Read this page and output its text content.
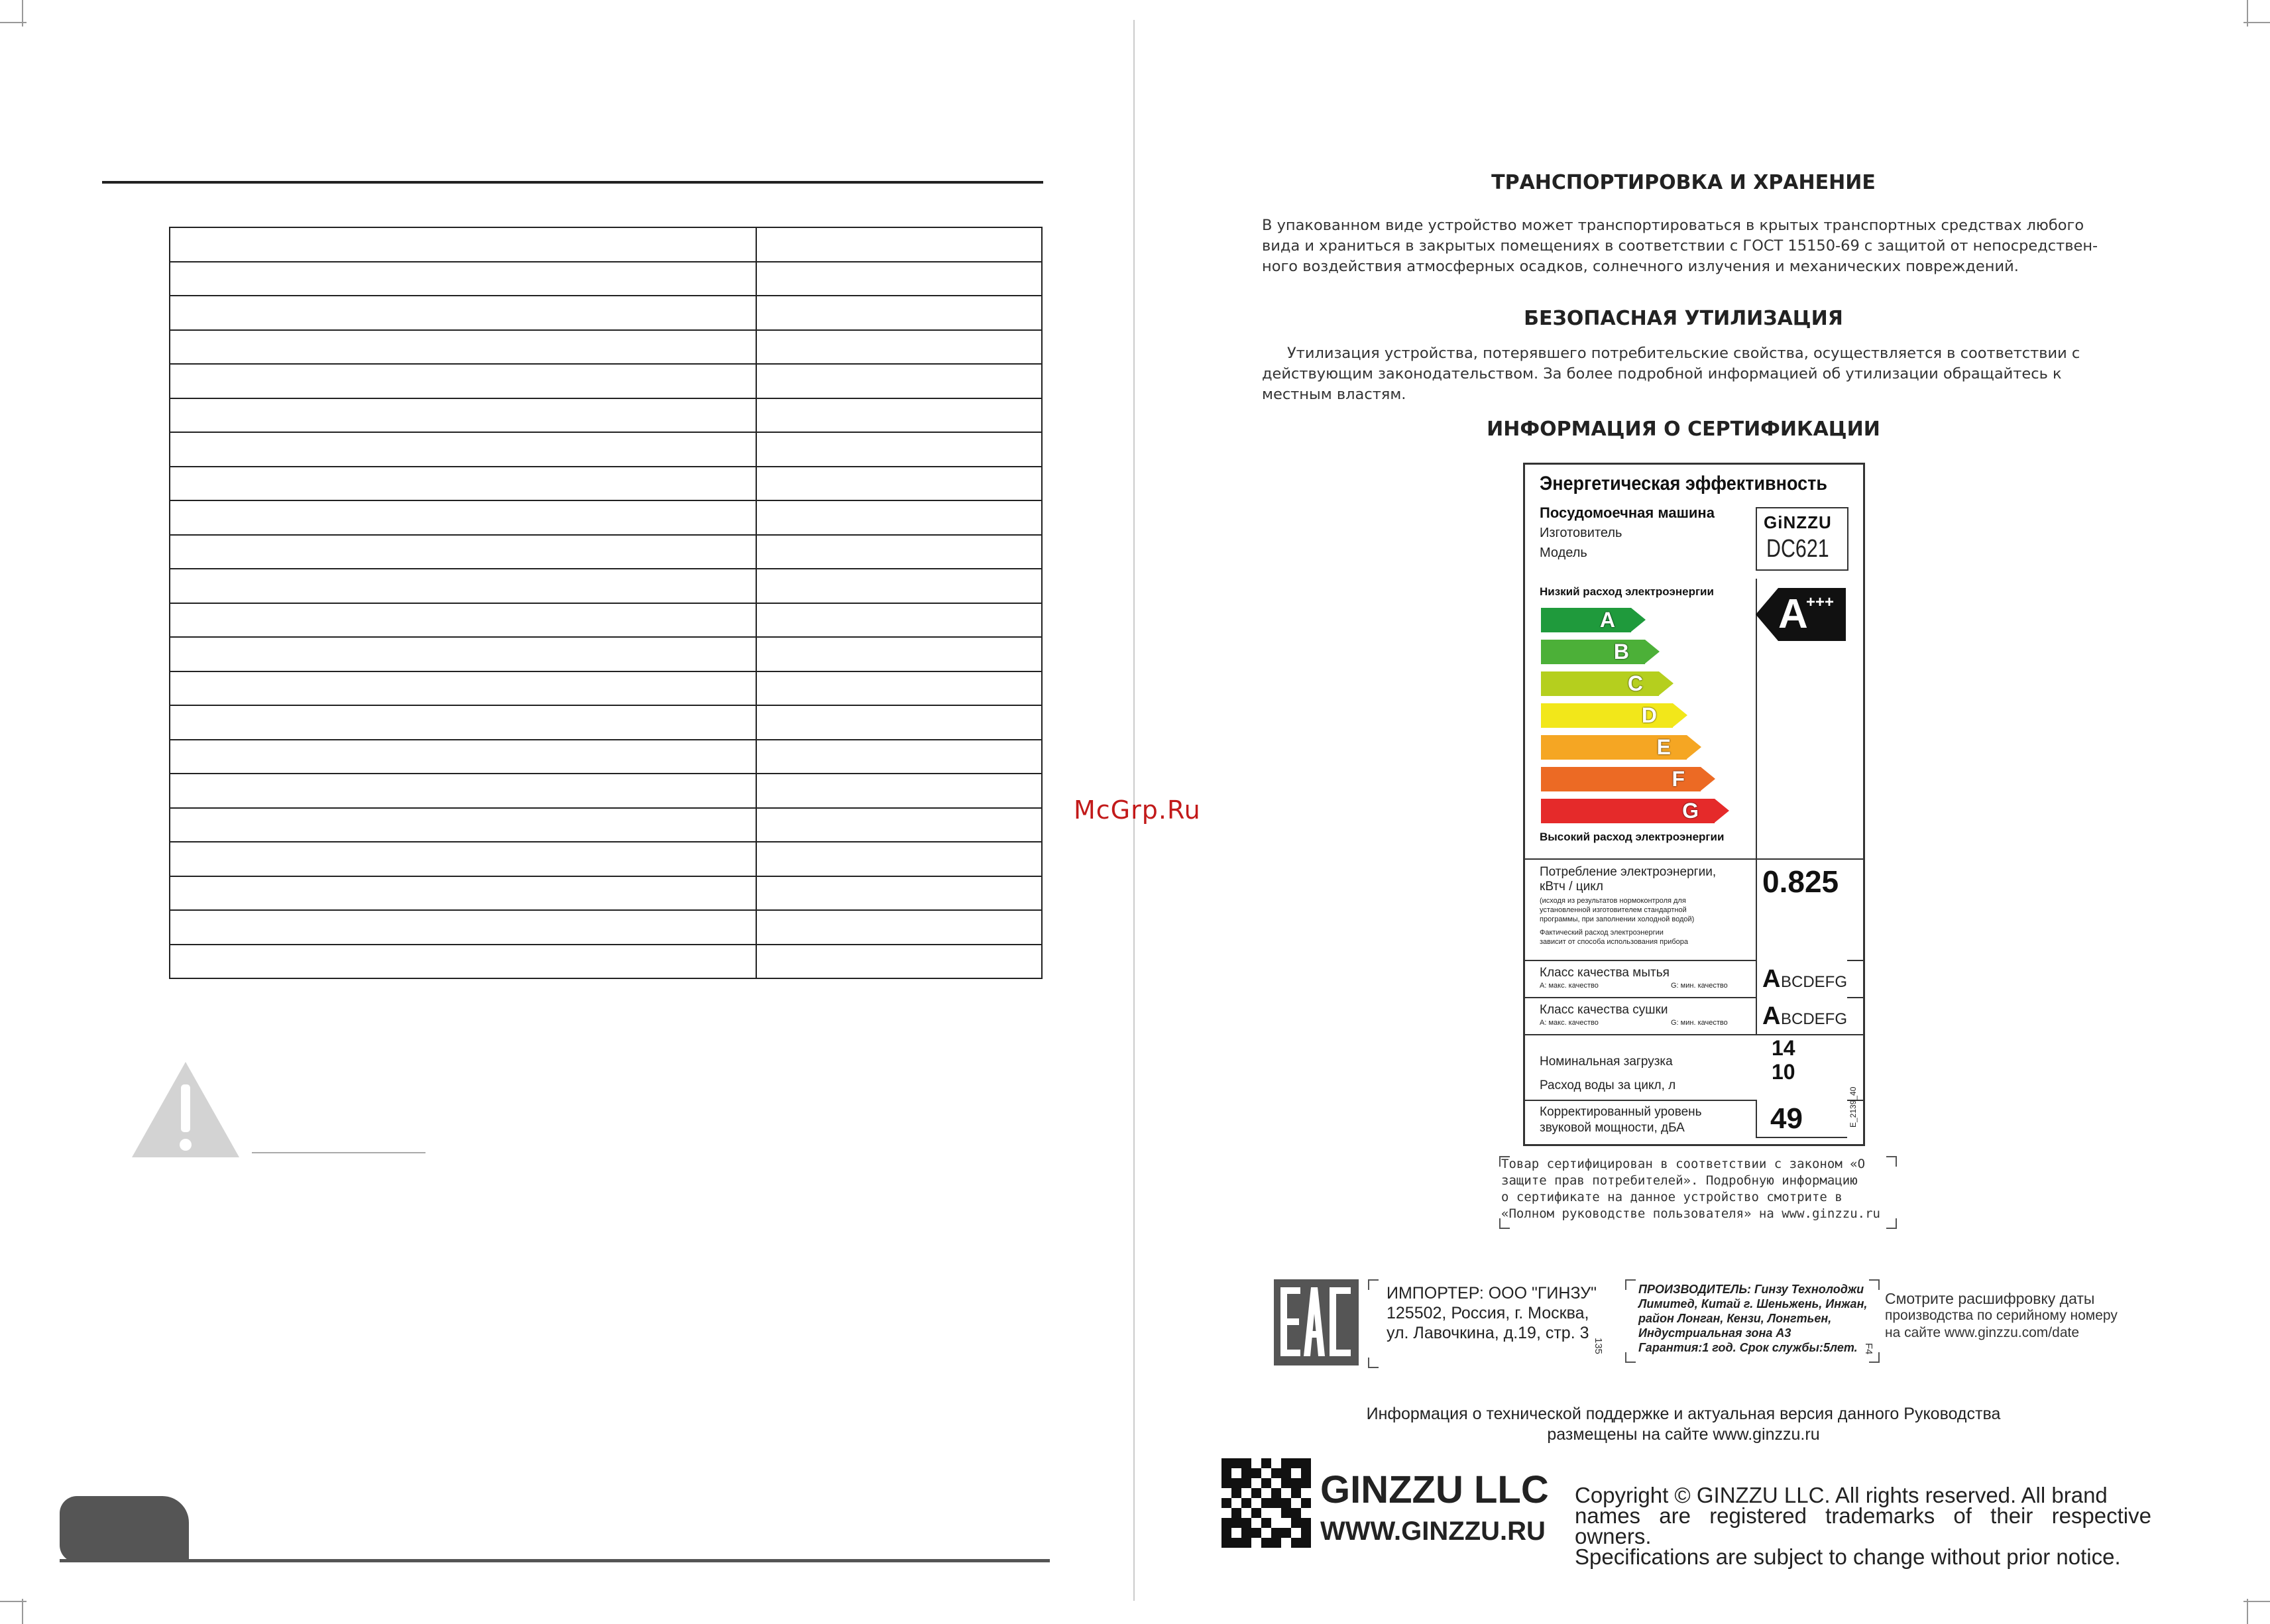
McGrp.Ru
ТРАНСПОРТИРОВКА И ХРАНЕНИЕ
В упакованном виде устройство может транспортироваться в крытых транспортных средствах любого
вида и храниться в закрытых помещениях в соответствии с ГОСТ 15150-69 с защитой от непосредствен-
ного воздействия атмосферных осадков, солнечного излучения и механических повреждений.
БЕЗОПАСНАЯ УТИЛИЗАЦИЯ
Утилизация устройства, потерявшего потребительские свойства, осуществляется в соответствии с
действующим законодательством. За более подробной информацией об утилизации обращайтесь к
местным властям.
ИНФОРМАЦИЯ О СЕРТИФИКАЦИИ
Энергетическая эффективность
Посудомоечная машина
Изготовитель
Модель
GiNZZU
DC621
Низкий расход электроэнергии
A
B
C
D
E
F
G
A
+++
Высокий расход электроэнергии
Потребление электроэнергии,
кВтч / цикл
(исходя из результатов нормоконтроля для
установленной изготовителем стандартной
программы, при заполнении холодной водой)
Фактический расход электроэнергии
зависит от способа использования прибора
0.825
Класс качества мытья
A: макс. качество	G: мин. качество A BCDEFG
Класс качества сушки
A: макс. качество	G: мин. качество A BCDEFG
Номинальная загрузка
14
Расход воды за цикл, л
10
Корректированный уровень
звуковой мощности, дБА	49	E_2139_40
Товар сертифицирован в соответствии с законом «О
защите прав потребителей». Подробную информацию
о сертификате на данное устройство смотрите в
«Полном руководстве пользователя» на www.ginzzu.ru
ИМПОРТЕР: ООО "ГИНЗУ"
125502, Россия, г. Москва,
ул. Лавочкина, д.19, стр. 3
135
ПРОИЗВОДИТЕЛЬ: Гинзу Технолоджи
Лимитед, Китай г. Шеньжень, Инжан,
район Лонган, Кензи, Лонгтьен,
Индустриальная зона А3
Гарантия:1 год. Срок службы:5лет. F4
Смотрите расшифровку даты
производства по серийному номеру
на сайте www.ginzzu.com/date
Информация о технической поддержке и актуальная версия данного Руководства
размещены на сайте www.ginzzu.ru
GINZZU LLC
WWW.GINZZU.RU
Copyright © GINZZU LLC. All rights reserved. All brand
names are registered trademarks of their respective owners.
Specifications are subject to change without prior notice.
